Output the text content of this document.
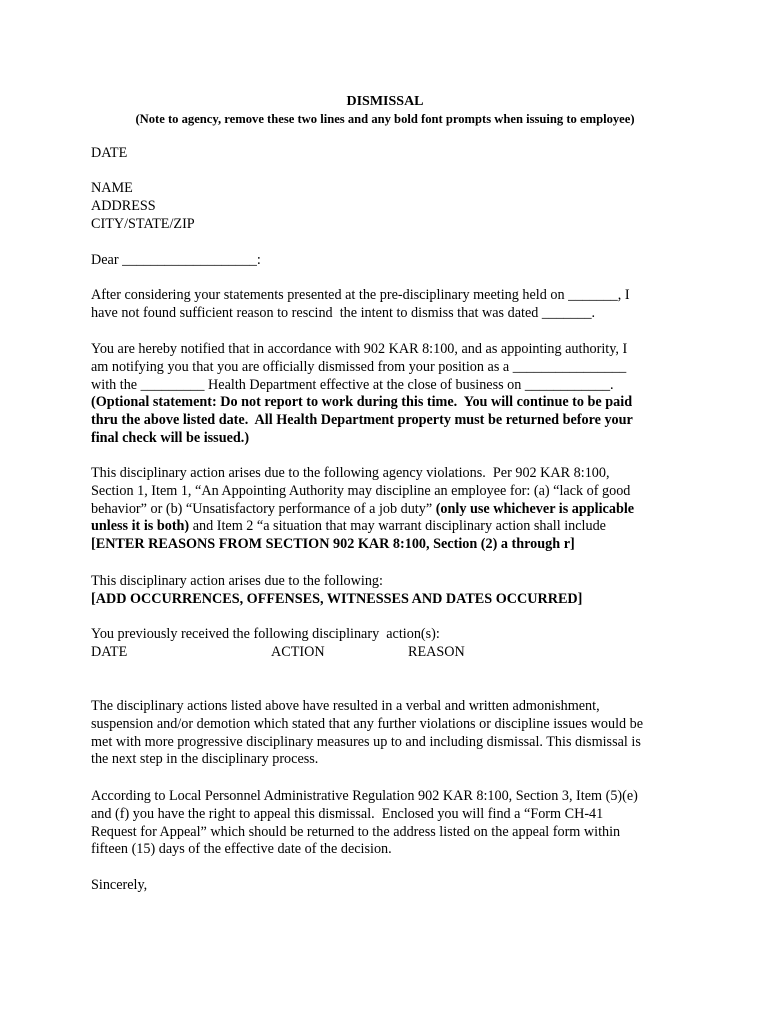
DISMISSAL
(Note to agency, remove these two lines and any bold font prompts when issuing to employee)
DATE
NAME
ADDRESS
CITY/STATE/ZIP
Dear ___________________:
After considering your statements presented at the pre-disciplinary meeting held on _______, I
have not found sufficient reason to rescind  the intent to dismiss that was dated _______.
You are hereby notified that in accordance with 902 KAR 8:100, and as appointing authority, I
am notifying you that you are officially dismissed from your position as a ________________
with the _________ Health Department effective at the close of business on ____________.
(Optional statement: Do not report to work during this time.  You will continue to be paid
thru the above listed date.  All Health Department property must be returned before your
final check will be issued.)
This disciplinary action arises due to the following agency violations.  Per 902 KAR 8:100,
Section 1, Item 1, “An Appointing Authority may discipline an employee for: (a) “lack of good
behavior” or (b) “Unsatisfactory performance of a job duty” (only use whichever is applicable
unless it is both) and Item 2 “a situation that may warrant disciplinary action shall include
[ENTER REASONS FROM SECTION 902 KAR 8:100, Section (2) a through r]
This disciplinary action arises due to the following:
[ADD OCCURRENCES, OFFENSES, WITNESSES AND DATES OCCURRED]
You previously received the following disciplinary  action(s):
DATE	ACTION	REASON
The disciplinary actions listed above have resulted in a verbal and written admonishment,
suspension and/or demotion which stated that any further violations or discipline issues would be
met with more progressive disciplinary measures up to and including dismissal. This dismissal is
the next step in the disciplinary process.
According to Local Personnel Administrative Regulation 902 KAR 8:100, Section 3, Item (5)(e)
and (f) you have the right to appeal this dismissal.  Enclosed you will find a “Form CH-41
Request for Appeal” which should be returned to the address listed on the appeal form within
fifteen (15) days of the effective date of the decision.
Sincerely,
